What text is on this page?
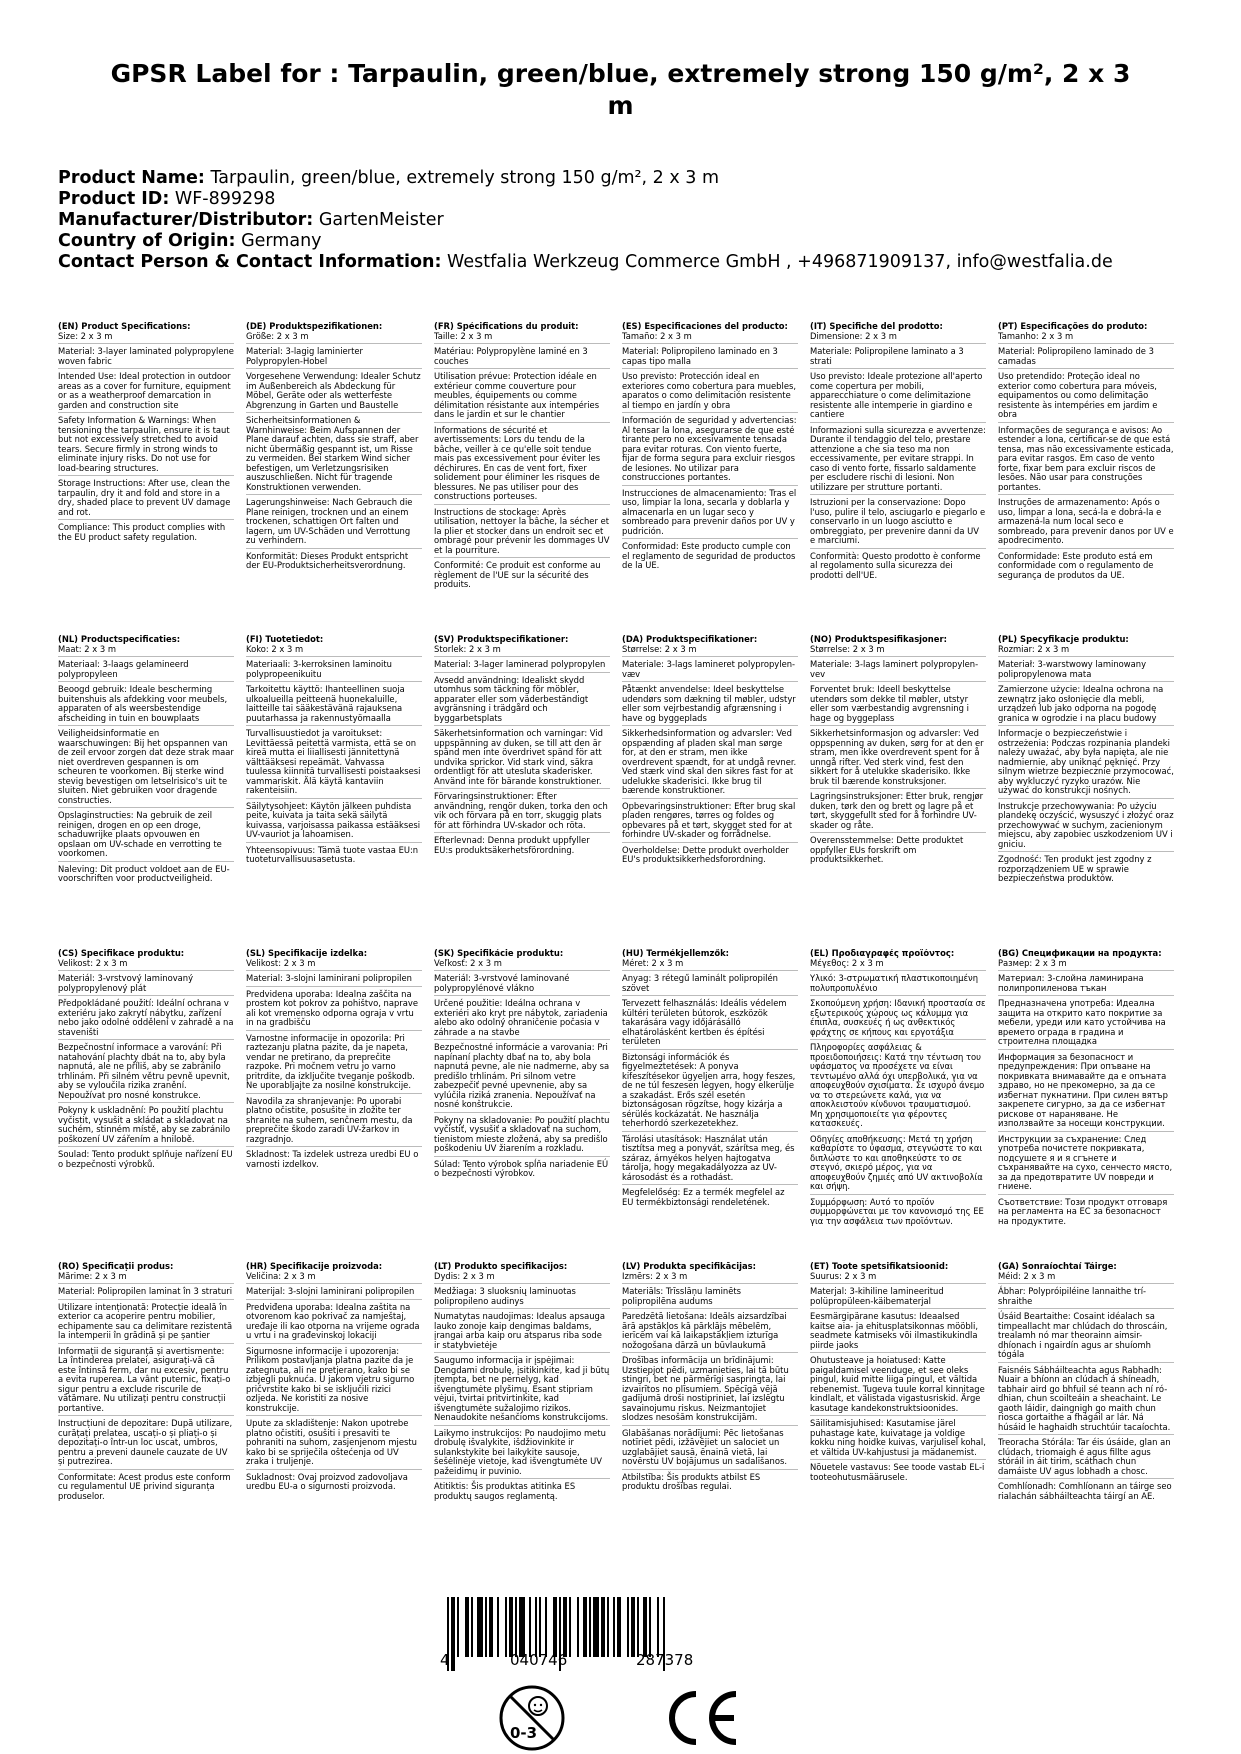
GPSR Label for : Tarpaulin, green/blue, extremely strong 150 g/m², 2 x 3 m
Product Name: Tarpaulin, green/blue, extremely strong 150 g/m², 2 x 3 m
Product ID: WF-899298
Manufacturer/Distributor: GartenMeister
Country of Origin: Germany
Contact Person & Contact Information: Westfalia Werkzeug Commerce GmbH , +496871909137, info@westfalia.de
(EN) Product Specifications:

Size: 2 x 3 m

Material: 3-layer laminated polypropylene woven fabric

Intended Use: Ideal protection in outdoor areas as a cover for furniture, equipment or as a weatherproof demarcation in garden and construction site

Safety Information & Warnings: When tensioning the tarpaulin, ensure it is taut but not excessively stretched to avoid tears. Secure firmly in strong winds to eliminate injury risks. Do not use for load-bearing structures.

Storage Instructions: After use, clean the tarpaulin, dry it and fold and store in a dry, shaded place to prevent UV damage and rot.

Compliance: This product complies with the EU product safety regulation.

(DE) Produktspezifikationen:

Größe: 2 x 3 m

Material: 3-lagig laminierter Polypropylen-Hobel

Vorgesehene Verwendung: Idealer Schutz im Außenbereich als Abdeckung für Möbel, Geräte oder als wetterfeste Abgrenzung in Garten und Baustelle

Sicherheitsinformationen & Warnhinweise: Beim Aufspannen der Plane darauf achten, dass sie straff, aber nicht übermäßig gespannt ist, um Risse zu vermeiden. Bei starkem Wind sicher befestigen, um Verletzungsrisiken auszuschließen. Nicht für tragende Konstruktionen verwenden.

Lagerungshinweise: Nach Gebrauch die Plane reinigen, trocknen und an einem trockenen, schattigen Ort falten und lagern, um UV-Schäden und Verrottung zu verhindern.

Konformität: Dieses Produkt entspricht der EU-Produktsicherheitsverordnung.

(FR) Spécifications du produit:

Taille: 2 x 3 m

Matériau: Polypropylène laminé en 3 couches

Utilisation prévue: Protection idéale en extérieur comme couverture pour meubles, équipements ou comme délimitation résistante aux intempéries dans le jardin et sur le chantier

Informations de sécurité et avertissements: Lors du tendu de la bâche, veiller à ce qu'elle soit tendue mais pas excessivement pour éviter les déchirures. En cas de vent fort, fixer solidement pour éliminer les risques de blessures. Ne pas utiliser pour des constructions porteuses.

Instructions de stockage: Après utilisation, nettoyer la bâche, la sécher et la plier et stocker dans un endroit sec et ombragé pour prévenir les dommages UV et la pourriture.

Conformité: Ce produit est conforme au règlement de l'UE sur la sécurité des produits.

(ES) Especificaciones del producto:

Tamaño: 2 x 3 m

Material: Polipropileno laminado en 3 capas tipo malla

Uso previsto: Protección ideal en exteriores como cobertura para muebles, aparatos o como delimitación resistente al tiempo en jardín y obra

Información de seguridad y advertencias: Al tensar la lona, asegurarse de que esté tirante pero no excesivamente tensada para evitar roturas. Con viento fuerte, fijar de forma segura para excluir riesgos de lesiones. No utilizar para construcciones portantes.

Instrucciones de almacenamiento: Tras el uso, limpiar la lona, secarla y doblarla y almacenarla en un lugar seco y sombreado para prevenir daños por UV y pudrición.

Conformidad: Este producto cumple con el reglamento de seguridad de productos de la UE.

(IT) Specifiche del prodotto:

Dimensione: 2 x 3 m

Materiale: Polipropilene laminato a 3 strati

Uso previsto: Ideale protezione all'aperto come copertura per mobili, apparecchiature o come delimitazione resistente alle intemperie in giardino e cantiere

Informazioni sulla sicurezza e avvertenze: Durante il tendaggio del telo, prestare attenzione a che sia teso ma non eccessivamente, per evitare strappi. In caso di vento forte, fissarlo saldamente per escludere rischi di lesioni. Non utilizzare per strutture portanti.

Istruzioni per la conservazione: Dopo l'uso, pulire il telo, asciugarlo e piegarlo e conservarlo in un luogo asciutto e ombreggiato, per prevenire danni da UV e marciumi.

Conformità: Questo prodotto è conforme al regolamento sulla sicurezza dei prodotti dell'UE.

(PT) Especificações do produto:

Tamanho: 2 x 3 m

Material: Polipropileno laminado de 3 camadas

Uso pretendido: Proteção ideal no exterior como cobertura para móveis, equipamentos ou como delimitação resistente às intempéries em jardim e obra

Informações de segurança e avisos: Ao estender a lona, certificar-se de que está tensa, mas não excessivamente esticada, para evitar rasgos. Em caso de vento forte, fixar bem para excluir riscos de lesões. Não usar para construções portantes.

Instruções de armazenamento: Após o uso, limpar a lona, secá-la e dobrá-la e armazená-la num local seco e sombreado, para prevenir danos por UV e apodrecimento.

Conformidade: Este produto está em conformidade com o regulamento de segurança de produtos da UE.

(NL) Productspecificaties:

Maat: 2 x 3 m

Materiaal: 3-laags gelamineerd polypropyleen

Beoogd gebruik: Ideale bescherming buitenshuis als afdekking voor meubels, apparaten of als weersbestendige afscheiding in tuin en bouwplaats

Veiligheidsinformatie en waarschuwingen: Bij het opspannen van de zeil ervoor zorgen dat deze strak maar niet overdreven gespannen is om scheuren te voorkomen. Bij sterke wind stevig bevestigen om letselrisico's uit te sluiten. Niet gebruiken voor dragende constructies.

Opslaginstructies: Na gebruik de zeil reinigen, drogen en op een droge, schaduwrijke plaats opvouwen en opslaan om UV-schade en verrotting te voorkomen.

Naleving: Dit product voldoet aan de EU-voorschriften voor productveiligheid.

(FI) Tuotetiedot:

Koko: 2 x 3 m

Materiaali: 3-kerroksinen laminoitu polypropeenikuitu

Tarkoitettu käyttö: Ihanteellinen suoja ulkoalueilla peitteenä huonekaluille, laitteille tai sääkestävänä rajauksena puutarhassa ja rakennustyömaalla

Turvallisuustiedot ja varoitukset: Levittäessä peitettä varmista, että se on kireä mutta ei liiallisesti jännitettynä välttääksesi repeämät. Vahvassa tuulessa kiinnitä turvallisesti poistaaksesi vammariskit. Älä käytä kantaviin rakenteisiin.

Säilytysohjeet: Käytön jälkeen puhdista peite, kuivata ja taita sekä säilytä kuivassa, varjoisassa paikassa estääksesi UV-vauriot ja lahoamisen.

Yhteensopivuus: Tämä tuote vastaa EU:n tuoteturvallisuusasetusta.

(SV) Produktspecifikationer:

Storlek: 2 x 3 m

Material: 3-lager laminerad polypropylen

Avsedd användning: Idealiskt skydd utomhus som täckning för möbler, apparater eller som väderbeständigt avgränsning i trädgård och byggarbetsplats

Säkerhetsinformation och varningar: Vid uppspänning av duken, se till att den är spänd men inte överdrivet spänd för att undvika sprickor. Vid stark vind, säkra ordentligt för att utesluta skaderisker. Använd inte för bärande konstruktioner.

Förvaringsinstruktioner: Efter användning, rengör duken, torka den och vik och förvara på en torr, skuggig plats för att förhindra UV-skador och röta.

Efterlevnad: Denna produkt uppfyller EU:s produktsäkerhetsförordning.

(DA) Produktspecifikationer:

Størrelse: 2 x 3 m

Materiale: 3-lags lamineret polypropylen-væv

Påtænkt anvendelse: Ideel beskyttelse udendørs som dækning til møbler, udstyr eller som vejrbestandig afgrænsning i have og byggeplads

Sikkerhedsinformation og advarsler: Ved opspænding af pladen skal man sørge for, at den er stram, men ikke overdrevent spændt, for at undgå revner. Ved stærk vind skal den sikres fast for at udelukke skaderisici. Ikke brug til bærende konstruktioner.

Opbevaringsinstruktioner: Efter brug skal pladen rengøres, tørres og foldes og opbevares på et tørt, skygget sted for at forhindre UV-skader og forrådnelse.

Overholdelse: Dette produkt overholder EU's produktsikkerhedsforordning.

(NO) Produktspesifikasjoner:

Størrelse: 2 x 3 m

Materiale: 3-lags laminert polypropylen-vev

Forventet bruk: Ideell beskyttelse utendørs som dekke til møbler, utstyr eller som værbestandig avgrensning i hage og byggeplass

Sikkerhetsinformasjon og advarsler: Ved oppspenning av duken, sørg for at den er stram, men ikke overdrevent spent for å unngå rifter. Ved sterk vind, fest den sikkert for å utelukke skaderisiko. Ikke bruk til bærende konstruksjoner.

Lagringsinstruksjoner: Etter bruk, rengjør duken, tørk den og brett og lagre på et tørt, skyggefullt sted for å forhindre UV-skader og råte.

Overensstemmelse: Dette produktet oppfyller EUs forskrift om produktsikkerhet.

(PL) Specyfikacje produktu:

Rozmiar: 2 x 3 m

Materiał: 3-warstwowy laminowany polipropylenowa mata

Zamierzone użycie: Idealna ochrona na zewnątrz jako osłonięcie dla mebli, urządzeń lub jako odporna na pogodę granica w ogrodzie i na placu budowy

Informacje o bezpieczeństwie i ostrzeżenia: Podczas rozpinania plandeki należy uważać, aby była napięta, ale nie nadmiernie, aby uniknąć pęknięć. Przy silnym wietrze bezpiecznie przymocować, aby wykluczyć ryzyko urazów. Nie używać do konstrukcji nośnych.

Instrukcje przechowywania: Po użyciu plandekę oczyścić, wysuszyć i złożyć oraz przechowywać w suchym, zacienionym miejscu, aby zapobiec uszkodzeniom UV i gniciu.

Zgodność: Ten produkt jest zgodny z rozporządzeniem UE w sprawie bezpieczeństwa produktów.

(CS) Specifikace produktu:

Velikost: 2 x 3 m

Materiál: 3-vrstvový laminovaný polypropylenový plát

Předpokládané použití: Ideální ochrana v exteriéru jako zakrytí nábytku, zařízení nebo jako odolné oddělení v zahradě a na staveništi

Bezpečnostní informace a varování: Při natahování plachty dbát na to, aby byla napnutá, ale ne příliš, aby se zabránilo trhlinám. Při silném větru pevně upevnit, aby se vyloučila rizika zranění. Nepoužívat pro nosné konstrukce.

Pokyny k uskladnění: Po použití plachtu vyčistit, vysušit a skládat a skladovat na suchém, stinném místě, aby se zabránilo poškození UV zářením a hnilobě.

Soulad: Tento produkt splňuje nařízení EU o bezpečnosti výrobků.

(SL) Specifikacije izdelka:

Velikost: 2 x 3 m

Material: 3-slojni laminirani polipropilen

Predvidena uporaba: Idealna zaščita na prostem kot pokrov za pohištvo, naprave ali kot vremensko odporna ograja v vrtu in na gradbišču

Varnostne informacije in opozorila: Pri raztezanju platna pazite, da je napeta, vendar ne pretirano, da preprečite razpoke. Pri močnem vetru jo varno pritrdite, da izključite tveganje poškodb. Ne uporabljajte za nosilne konstrukcije.

Navodila za shranjevanje: Po uporabi platno očistite, posušite in zložite ter shranite na suhem, senčnem mestu, da preprečite škodo zaradi UV-žarkov in razgradnjo.

Skladnost: Ta izdelek ustreza uredbi EU o varnosti izdelkov.

(SK) Špecifikácie produktu:

Veľkosť: 2 x 3 m

Materiál: 3-vrstvové laminované polypropylénové vlákno

Určené použitie: Ideálna ochrana v exteriéri ako kryt pre nábytok, zariadenia alebo ako odolný ohraničenie počasia v záhrade a na stavbe

Bezpečnostné informácie a varovania: Pri napínaní plachty dbať na to, aby bola napnutá pevne, ale nie nadmerne, aby sa predišlo trhlinám. Pri silnom vetre zabezpečiť pevné upevnenie, aby sa vylúčila riziká zranenia. Nepoužívať na nosné konštrukcie.

Pokyny na skladovanie: Po použití plachtu vyčistiť, vysušiť a skladovať na suchom, tienistom mieste zložená, aby sa predišlo poškodeniu UV žiarením a rozkladu.

Súlad: Tento výrobok spĺňa nariadenie EÚ o bezpečnosti výrobkov.

(HU) Termékjellemzők:

Méret: 2 x 3 m

Anyag: 3 rétegű laminált polipropilén szövet

Tervezett felhasználás: Ideális védelem kültéri területen bútorok, eszközök takarására vagy időjárásálló elhatárolásként kertben és építési területen

Biztonsági információk és figyelmeztetések: A ponyva kifeszítésekor ügyeljen arra, hogy feszes, de ne túl feszesen legyen, hogy elkerülje a szakadást. Erős szél esetén biztonságosan rögzítse, hogy kizárja a sérülés kockázatát. Ne használja teherhordó szerkezetekhez.

Tárolási utasítások: Használat után tisztítsa meg a ponyvát, szárítsa meg, és szárаz, árnyékos helyen hajtogatva tárolja, hogy megakadályozza az UV-károsodást és a rothadást.

Megfelelőség: Ez a termék megfelel az EU termékbiztonsági rendeletének.

(EL) Προδιαγραφές προϊόντος:

Μέγεθος: 2 x 3 m

Υλικό: 3-στρωματική πλαστικοποιημένη πολυπροπυλένιο

Σκοπούμενη χρήση: Ιδανική προστασία σε εξωτερικούς χώρους ως κάλυμμα για έπιπλα, συσκευές ή ως ανθεκτικός φράχτης σε κήπους και εργοτάξια

Πληροφορίες ασφάλειας & προειδοποιήσεις: Κατά την τέντωση του υφάσματος να προσέχετε να είναι τεντωμένο αλλά όχι υπερβολικά, για να αποφευχθούν σχισίματα. Σε ισχυρό άνεμο να το στερεώνετε καλά, για να αποκλειστούν κίνδυνοι τραυματισμού. Μη χρησιμοποιείτε για φέροντες κατασκευές.

Οδηγίες αποθήκευσης: Μετά τη χρήση καθαρίστε το ύφασμα, στεγνώστε το και διπλώστε το και αποθηκεύστε το σε στεγνό, σκιερό μέρος, για να αποφευχθούν ζημιές από UV ακτινοβολία και σήψη.

Συμμόρφωση: Αυτό το προϊόν συμμορφώνεται με τον κανονισμό της ΕΕ για την ασφάλεια των προϊόντων.

(BG) Спецификации на продукта:

Размер: 2 x 3 m

Материал: 3-слойна ламинирана полипропиленова тъкан

Предназначена употреба: Идеална защита на открито като покритие за мебели, уреди или като устойчива на времето ограда в градина и строителна площадка

Информация за безопасност и предупреждения: При опъване на покривката внимавайте да е опъната здраво, но не прекомерно, за да се избегнат пукнатини. При силен вятър закрепете сигурно, за да се избегнат рискове от нараняване. Не използвайте за носещи конструкции.

Инструкции за съхранение: След употреба почистете покривката, подсушете я и я сгънете и съхранявайте на сухо, сенчесто място, за да предотвратите UV повреди и гниене.

Съответствие: Този продукт отговаря на регламента на ЕС за безопасност на продуктите.

(RO) Specificații produs:

Mărime: 2 x 3 m

Material: Polipropilen laminat în 3 straturi

Utilizare intenționată: Protecție ideală în exterior ca acoperire pentru mobilier, echipamente sau ca delimitare rezistentă la intemperii în grădină și pe șantier

Informații de siguranță și avertismente: La întinderea prelatei, asigurați-vă că este întinsă ferm, dar nu excesiv, pentru a evita ruperea. La vânt puternic, fixați-o sigur pentru a exclude riscurile de vătămare. Nu utilizați pentru construcții portantive.

Instrucțiuni de depozitare: După utilizare, curățați prelatea, uscați-o și pliați-o și depozitați-o într-un loc uscat, umbros, pentru a preveni daunele cauzate de UV și putrezirea.

Conformitate: Acest produs este conform cu regulamentul UE privind siguranța produselor.

(HR) Specifikacije proizvoda:

Veličina: 2 x 3 m

Materijal: 3-slojni laminirani polipropilen

Predviđena uporaba: Idealna zaštita na otvorenom kao pokrivač za namještaj, uređaje ili kao otporna na vrijeme ograda u vrtu i na građevinskoj lokaciji

Sigurnosne informacije i upozorenja: Prilikom postavljanja platna pazite da je zategnuta, ali ne pretjerano, kako bi se izbjegli puknuća. U jakom vjetru sigurno pričvrstite kako bi se isključili rizici ozljeda. Ne koristiti za nosive konstrukcije.

Upute za skladištenje: Nakon upotrebe platno očistiti, osušiti i presaviti te pohraniti na suhom, zasjenjenom mjestu kako bi se spriječila oštećenja od UV zraka i truljenje.

Sukladnost: Ovaj proizvod zadovoljava uredbu EU-a o sigurnosti proizvoda.

(LT) Produkto specifikacijos:

Dydis: 2 x 3 m

Medžiaga: 3 sluoksnių laminuotas polipropileno audinys

Numatytas naudojimas: Idealus apsauga lauko zonoje kaip dengimas baldams, įrangai arba kaip oru atsparus riba sode ir statybvietėje

Saugumo informacija ir įspėjimai: Dengdami drobulę, įsitikinkite, kad ji būtų įtempta, bet ne pernelyg, kad išvengtumėte plyšimų. Esant stipriam vėjui, tvirtai pritvirtinkite, kad išvengtumėte sužalojimo rizikos. Nenaudokite nešančioms konstrukcijoms.

Laikymo instrukcijos: Po naudojimo metu drobulę išvalykite, išdžiovinkite ir sulankstykite bei laikykite sausoje, šešėlinėje vietoje, kad išvengtumėte UV pažeidimų ir puvinio.

Atitiktis: Šis produktas atitinka ES produktų saugos reglamentą.

(LV) Produkta specifikācijas:

Izmērs: 2 x 3 m

Materiāls: Trīsslāņu laminēts polipropilēna audums

Paredzētā lietošana: Ideāls aizsardzībai ārā apstākļos kā pārklājs mēbelēm, ierīcēm vai kā laikapstākļiem izturīga nožogošana dārzā un būvlaukumā

Drošības informācija un brīdinājumi: Uzstiepjot pēdi, uzmanieties, lai tā būtu stingri, bet ne pārmērīgi saspringta, lai izvairītos no plīsumiem. Spēcīgā vējā gadījumā droši nostipriniet, lai izslēgtu savainojumu riskus. Neizmantojiet slodzes nesošām konstrukcijām.

Glabāšanas norādījumi: Pēc lietošanas notīriet pēdi, izžāvējiet un salociet un uzglabājiet sausā, ēnainā vietā, lai novērstu UV bojājumus un sadalīšanos.

Atbilstība: Šis produkts atbilst ES produktu drošības regulai.

(ET) Toote spetsifikatsioonid:

Suurus: 2 x 3 m

Materjal: 3-kihiline lamineeritud polüpropüleen-käibematerjal

Eesmärgipärane kasutus: Ideaalsed kaitse aia- ja ehitusplatsikonnas mööbli, seadmete katmiseks või ilmastikukindla piirde jaoks

Ohutusteave ja hoiatused: Katte paigaldamisel veenduge, et see oleks pingul, kuid mitte liiga pingul, et vältida rebenemist. Tugeva tuule korral kinnitage kindlalt, et välistada vigastusriskid. Ärge kasutage kandekonstruktsioonides.

Säilitamisjuhised: Kasutamise järel puhastage kate, kuivatage ja voldige kokku ning hoidke kuivas, varjulisel kohal, et vältida UV-kahjustusi ja mädanemist.

Nõuetele vastavus: See toode vastab EL-i tooteohutusmäärusele.

(GA) Sonraíochtaí Táirge:

Méid: 2 x 3 m

Ábhar: Polypróipiléine lannaithe trí-shraithe

Úsáid Beartaithe: Cosaint idéalach sa timpeallacht mar chlúdach do throscáin, trealamh nó mar theorainn aimsir-dhíonach i ngairdín agus ar shuíomh tógála

Faisnéis Sábháilteachta agus Rabhadh: Nuair a bhíonn an clúdach á shíneadh, tabhair aird go bhfuil sé teann ach ní ró-dhian, chun scoilteáin a sheachaint. Le gaoth láidir, daingnigh go maith chun riosca gortaithe a fhágáil ar lár. Ná húsáid le haghaidh struchtúir tacaíochta.

Treoracha Stórála: Tar éis úsáide, glan an clúdach, triomaigh é agus fillte agus stóráil in áit tirim, scáthach chun damáiste UV agus lobhadh a chosc.

Comhlíonadh: Comhlíonann an táirge seo rialachán sábháilteachta táirgí an AE.

4	040746	287378
0-3
